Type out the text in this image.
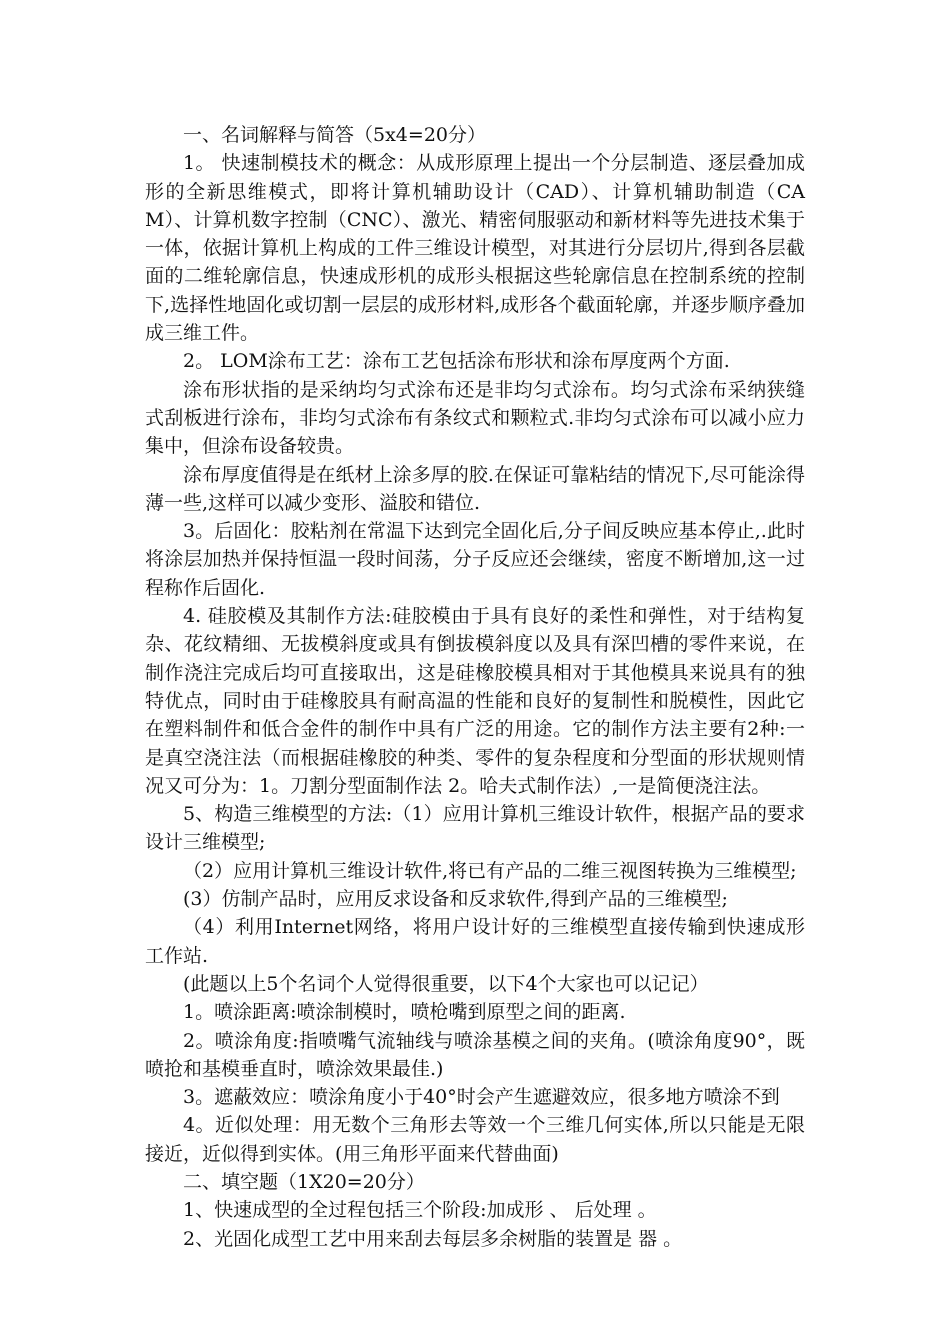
一、名词解释与简答（5x4=20分）

1。 快速制模技术的概念：从成形原理上提出一个分层制造、逐层叠加成形的全新思维模式，即将计算机辅助设计（CAD）、计算机辅助制造（CAM）、计算机数字控制（CNC）、激光、精密伺服驱动和新材料等先进技术集于一体，依据计算机上构成的工件三维设计模型，对其进行分层切片,得到各层截面的二维轮廓信息，快速成形机的成形头根据这些轮廓信息在控制系统的控制下,选择性地固化或切割一层层的成形材料,成形各个截面轮廓，并逐步顺序叠加成三维工件。

2。 LOM涂布工艺：涂布工艺包括涂布形状和涂布厚度两个方面.

涂布形状指的是采纳均匀式涂布还是非均匀式涂布。均匀式涂布采纳狭缝式刮板进行涂布，非均匀式涂布有条纹式和颗粒式.非均匀式涂布可以减小应力集中，但涂布设备较贵。

涂布厚度值得是在纸材上涂多厚的胶.在保证可靠粘结的情况下,尽可能涂得薄一些,这样可以减少变形、溢胶和错位.

3。后固化：胶粘剂在常温下达到完全固化后,分子间反映应基本停止,.此时将涂层加热并保持恒温一段时间荡，分子反应还会继续，密度不断增加,这一过程称作后固化.

4. 硅胶模及其制作方法:硅胶模由于具有良好的柔性和弹性，对于结构复杂、花纹精细、无拔模斜度或具有倒拔模斜度以及具有深凹槽的零件来说，在制作浇注完成后均可直接取出，这是硅橡胶模具相对于其他模具来说具有的独特优点，同时由于硅橡胶具有耐高温的性能和良好的复制性和脱模性，因此它在塑料制件和低合金件的制作中具有广泛的用途。它的制作方法主要有2种:一是真空浇注法（而根据硅橡胶的种类、零件的复杂程度和分型面的形状规则情况又可分为：1。刀割分型面制作法 2。哈夫式制作法）,一是简便浇注法。

5、构造三维模型的方法:（1）应用计算机三维设计软件，根据产品的要求设计三维模型;

（2）应用计算机三维设计软件,将已有产品的二维三视图转换为三维模型;

(3）仿制产品时，应用反求设备和反求软件,得到产品的三维模型;

（4）利用Internet网络，将用户设计好的三维模型直接传输到快速成形工作站.

(此题以上5个名词个人觉得很重要，以下4个大家也可以记记）

1。喷涂距离:喷涂制模时，喷枪嘴到原型之间的距离.

2。喷涂角度:指喷嘴气流轴线与喷涂基模之间的夹角。(喷涂角度90°，既喷抢和基模垂直时，喷涂效果最佳.)

3。遮蔽效应：喷涂角度小于40°时会产生遮避效应，很多地方喷涂不到

4。近似处理：用无数个三角形去等效一个三维几何实体,所以只能是无限接近，近似得到实体。(用三角形平面来代替曲面)

二、填空题（1X20=20分）

1、快速成型的全过程包括三个阶段:加成形 、 后处理 。

2、光固化成型工艺中用来刮去每层多余树脂的装置是 器 。
